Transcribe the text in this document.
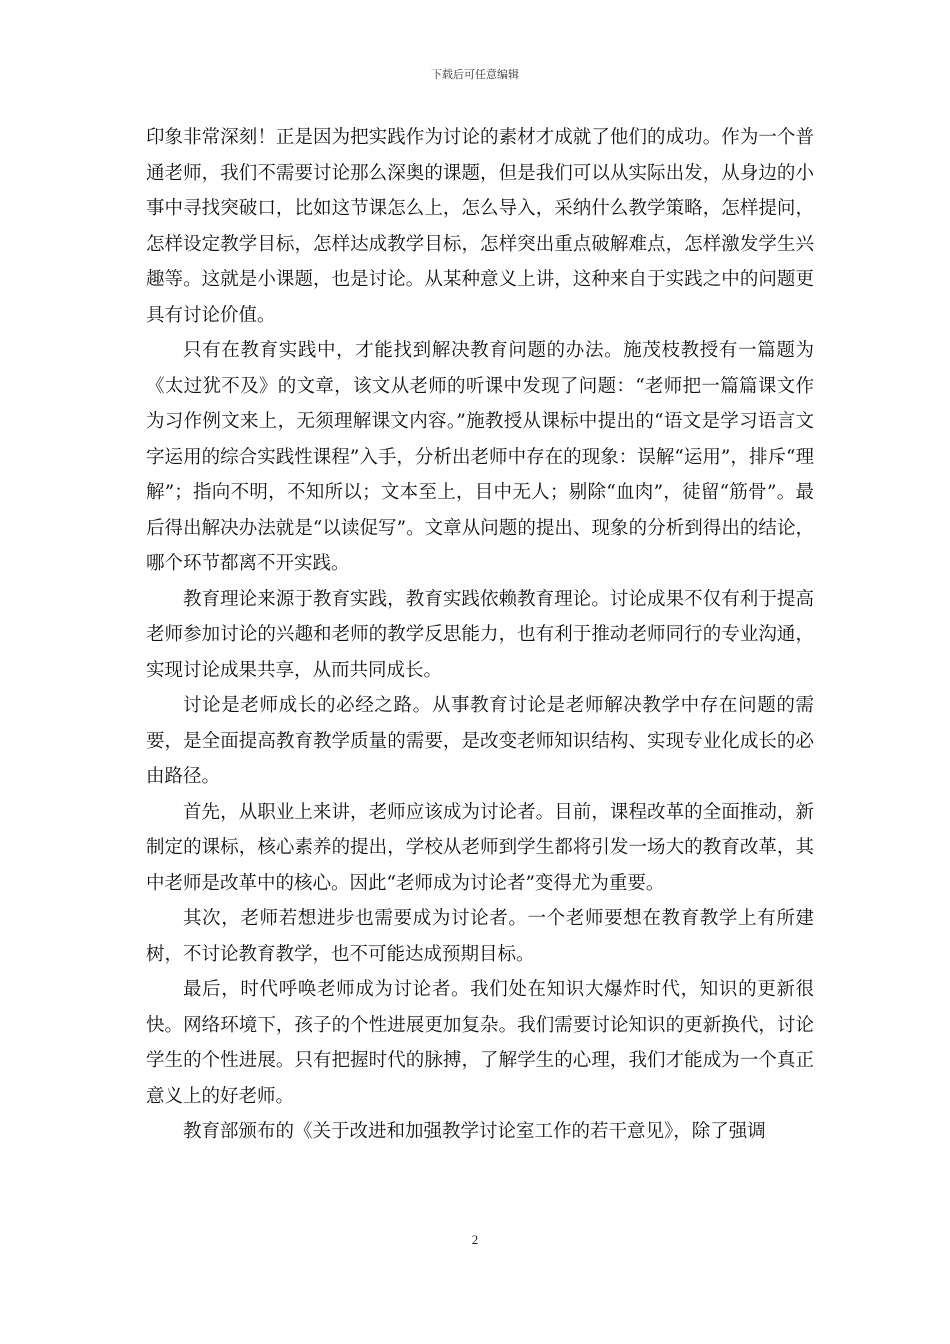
下载后可任意编辑

印象非常深刻！正是因为把实践作为讨论的素材才成就了他们的成功。作为一个普通老师，我们不需要讨论那么深奥的课题，但是我们可以从实际出发，从身边的小事中寻找突破口，比如这节课怎么上，怎么导入，采纳什么教学策略，怎样提问，怎样设定教学目标，怎样达成教学目标，怎样突出重点破解难点，怎样激发学生兴趣等。这就是小课题，也是讨论。从某种意义上讲，这种来自于实践之中的问题更具有讨论价值。

只有在教育实践中，才能找到解决教育问题的办法。施茂枝教授有一篇题为《太过犹不及》的文章，该文从老师的听课中发现了问题：“老师把一篇篇课文作为习作例文来上，无须理解课文内容。”施教授从课标中提出的“语文是学习语言文字运用的综合实践性课程”入手，分析出老师中存在的现象：误解“运用”，排斥“理解”；指向不明，不知所以；文本至上，目中无人；剔除“血肉”，徒留“筋骨”。最后得出解决办法就是“以读促写”。文章从问题的提出、现象的分析到得出的结论，哪个环节都离不开实践。

教育理论来源于教育实践，教育实践依赖教育理论。讨论成果不仅有利于提高老师参加讨论的兴趣和老师的教学反思能力，也有利于推动老师同行的专业沟通，实现讨论成果共享，从而共同成长。

讨论是老师成长的必经之路。从事教育讨论是老师解决教学中存在问题的需要，是全面提高教育教学质量的需要，是改变老师知识结构、实现专业化成长的必由路径。

首先，从职业上来讲，老师应该成为讨论者。目前，课程改革的全面推动，新制定的课标，核心素养的提出，学校从老师到学生都将引发一场大的教育改革，其中老师是改革中的核心。因此“老师成为讨论者”变得尤为重要。

其次，老师若想进步也需要成为讨论者。一个老师要想在教育教学上有所建树，不讨论教育教学，也不可能达成预期目标。

最后，时代呼唤老师成为讨论者。我们处在知识大爆炸时代，知识的更新很快。网络环境下，孩子的个性进展更加复杂。我们需要讨论知识的更新换代，讨论学生的个性进展。只有把握时代的脉搏，了解学生的心理，我们才能成为一个真正意义上的好老师。

教育部颁布的《关于改进和加强教学讨论室工作的若干意见》，除了强调

2
